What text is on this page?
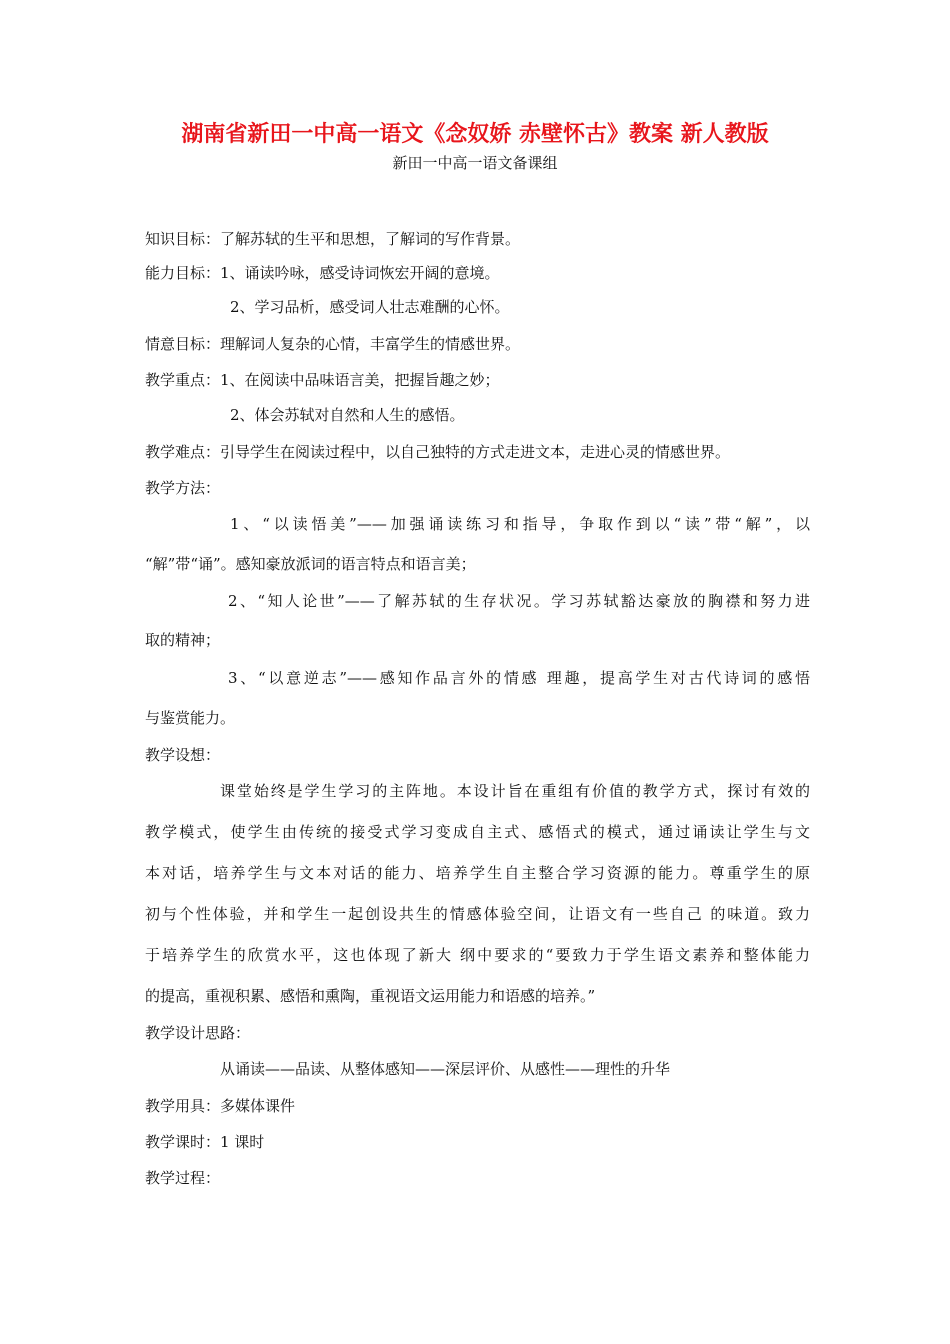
湖南省新田一中高一语文《念奴娇 赤壁怀古》教案 新人教版
新田一中高一语文备课组
知识目标：了解苏轼的生平和思想，了解词的写作背景。
能力目标：1、诵读吟咏，感受诗词恢宏开阔的意境。
2、学习品析，感受词人壮志难酬的心怀。
情意目标：理解词人复杂的心情，丰富学生的情感世界。
教学重点：1、在阅读中品味语言美，把握旨趣之妙；
2、体会苏轼对自然和人生的感悟。
教学难点：引导学生在阅读过程中，以自己独特的方式走进文本，走进心灵的情感世界。
教学方法：
1、“以读悟美”——加强诵读练习和指导，争取作到以“读”带“解”，以
“解”带“诵”。感知豪放派词的语言特点和语言美；
2、“知人论世”——了解苏轼的生存状况。学习苏轼豁达豪放的胸襟和努力进
取的精神；
3、“以意逆志”——感知作品言外的情感 理趣，提高学生对古代诗词的感悟
与鉴赏能力。
教学设想：
课堂始终是学生学习的主阵地。本设计旨在重组有价值的教学方式，探讨有效的
教学模式，使学生由传统的接受式学习变成自主式、感悟式的模式，通过诵读让学生与文
本对话，培养学生与文本对话的能力、培养学生自主整合学习资源的能力。尊重学生的原
初与个性体验，并和学生一起创设共生的情感体验空间，让语文有一些自己 的味道。致力
于培养学生的欣赏水平，这也体现了新大 纲中要求的“要致力于学生语文素养和整体能力
的提高，重视积累、感悟和熏陶，重视语文运用能力和语感的培养。”
教学设计思路：
从诵读——品读、从整体感知——深层评价、从感性——理性的升华
教学用具：多媒体课件
教学课时：1 课时
教学过程：
